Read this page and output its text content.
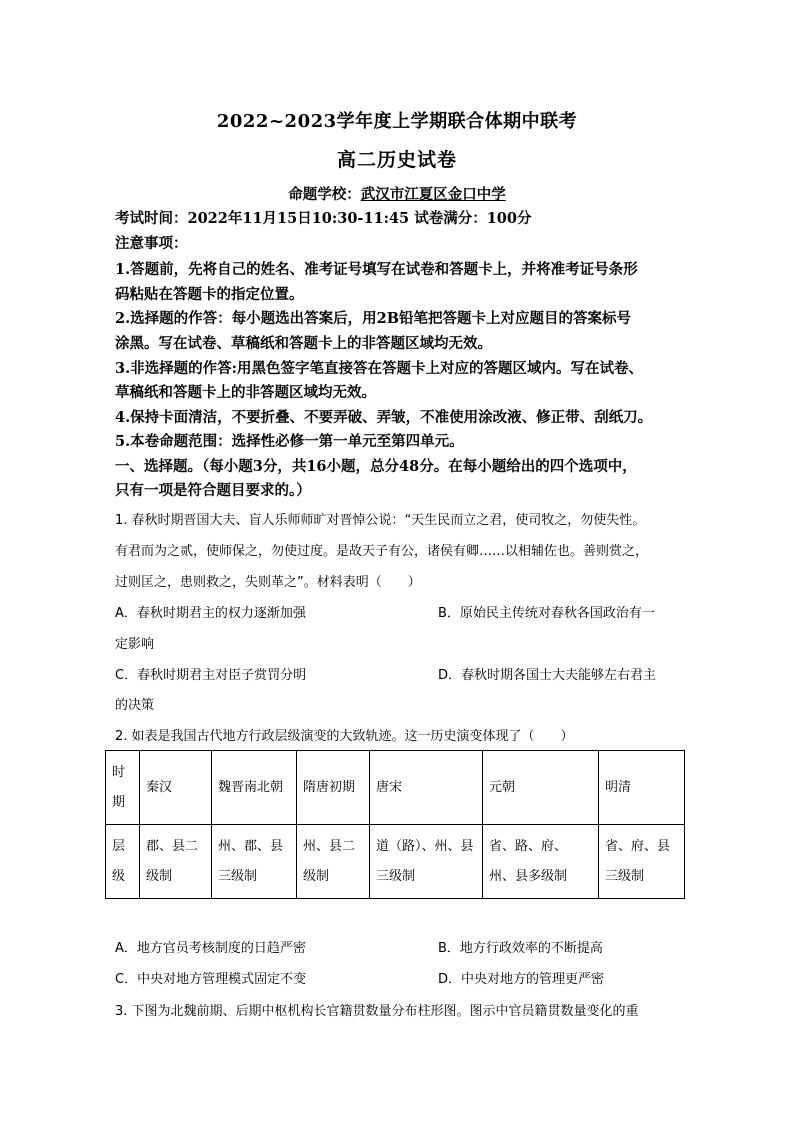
2022~2023学年度上学期联合体期中联考
高二历史试卷
命题学校：武汉市江夏区金口中学
考试时间：2022年11月15日10:30-11:45 试卷满分：100分
注意事项：
1.答题前，先将自己的姓名、准考证号填写在试卷和答题卡上，并将准考证号条形
码粘贴在答题卡的指定位置。
2.选择题的作答：每小题选出答案后，用2B铅笔把答题卡上对应题目的答案标号
涂黑。写在试卷、草稿纸和答题卡上的非答题区域均无效。
3.非选择题的作答:用黑色签字笔直接答在答题卡上对应的答题区域内。写在试卷、
草稿纸和答题卡上的非答题区域均无效。
4.保持卡面清洁，不要折叠、不要弄破、弄皱，不准使用涂改液、修正带、刮纸刀。
5.本卷命题范围：选择性必修一第一单元至第四单元。
一、选择题。（每小题3分，共16小题，总分48分。在每小题给出的四个选项中，
只有一项是符合题目要求的。）
1. 春秋时期晋国大夫、盲人乐师师旷对晋悼公说：“天生民而立之君，使司牧之，勿使失性。
有君而为之贰，使师保之，勿使过度。是故天子有公，诸侯有卿……以相辅佐也。善则赏之，
过则匡之，患则救之，失则革之”。材料表明（　　）
A．春秋时期君主的权力逐渐加强	B．原始民主传统对春秋各国政治有一
定影响
C．春秋时期君主对臣子赏罚分明	D．春秋时期各国士大夫能够左右君主
的决策
2. 如表是我国古代地方行政层级演变的大致轨迹。这一历史演变体现了（　　）
时期	秦汉	魏晋南北朝	隋唐初期	唐宋	元朝	明清
层级	郡、县二级制	州、郡、县三级制	州、县二级制	道（路）、州、县三级制	省、路、府、州、县多级制	省、府、县三级制
A．地方官员考核制度的日趋严密	B．地方行政效率的不断提高
C．中央对地方管理模式固定不变	D．中央对地方的管理更严密
3. 下图为北魏前期、后期中枢机构长官籍贯数量分布柱形图。图示中官员籍贯数量变化的重
